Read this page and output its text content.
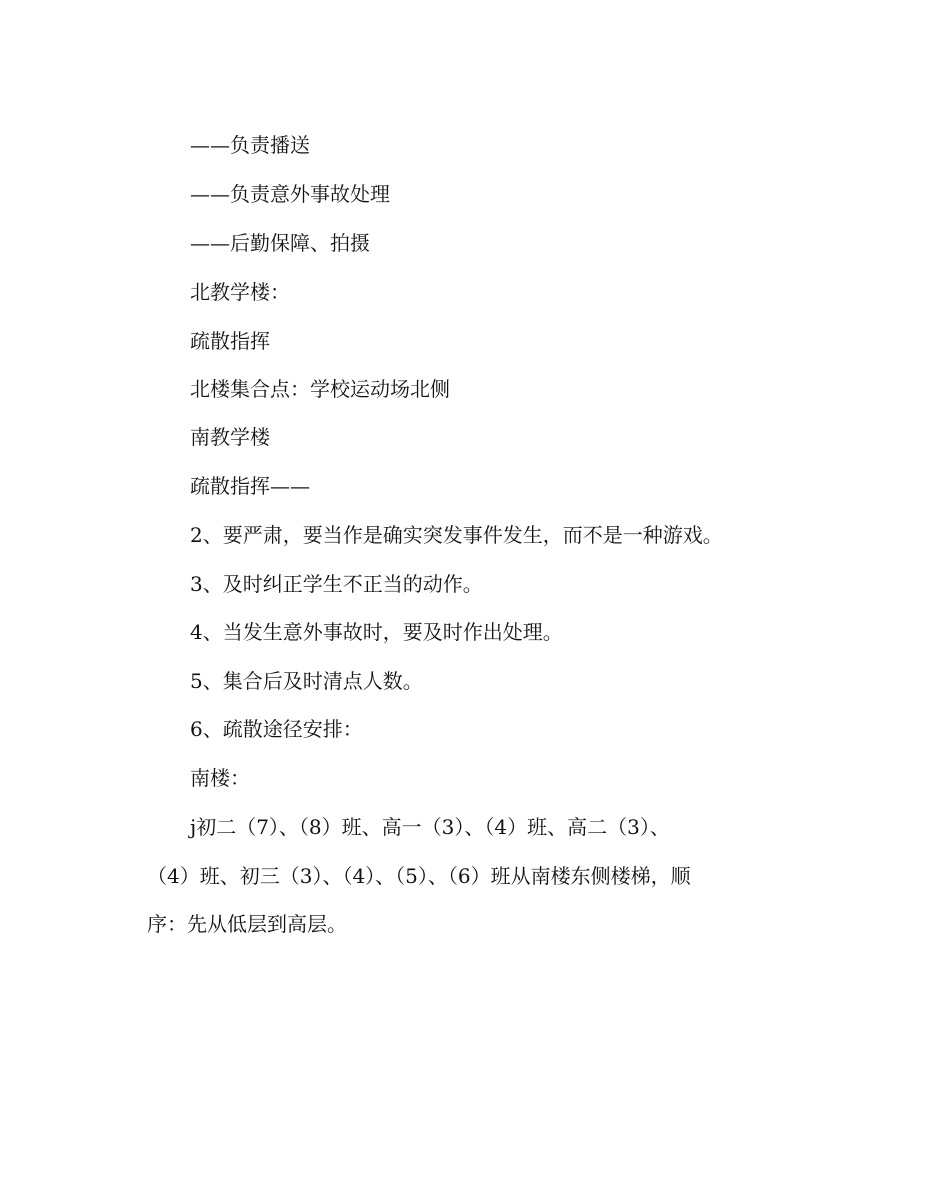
——负责播送
——负责意外事故处理
——后勤保障、拍摄
北教学楼：
疏散指挥
北楼集合点：学校运动场北侧
南教学楼
疏散指挥——
2、要严肃，要当作是确实突发事件发生，而不是一种游戏。
3、及时纠正学生不正当的动作。
4、当发生意外事故时，要及时作出处理。
5、集合后及时清点人数。
6、疏散途径安排：
南楼：
j初二（7）、（8）班、高一（3）、（4）班、高二（3）、
（4）班、初三（3）、（4）、（5）、（6）班从南楼东侧楼梯，顺
序：先从低层到高层。
